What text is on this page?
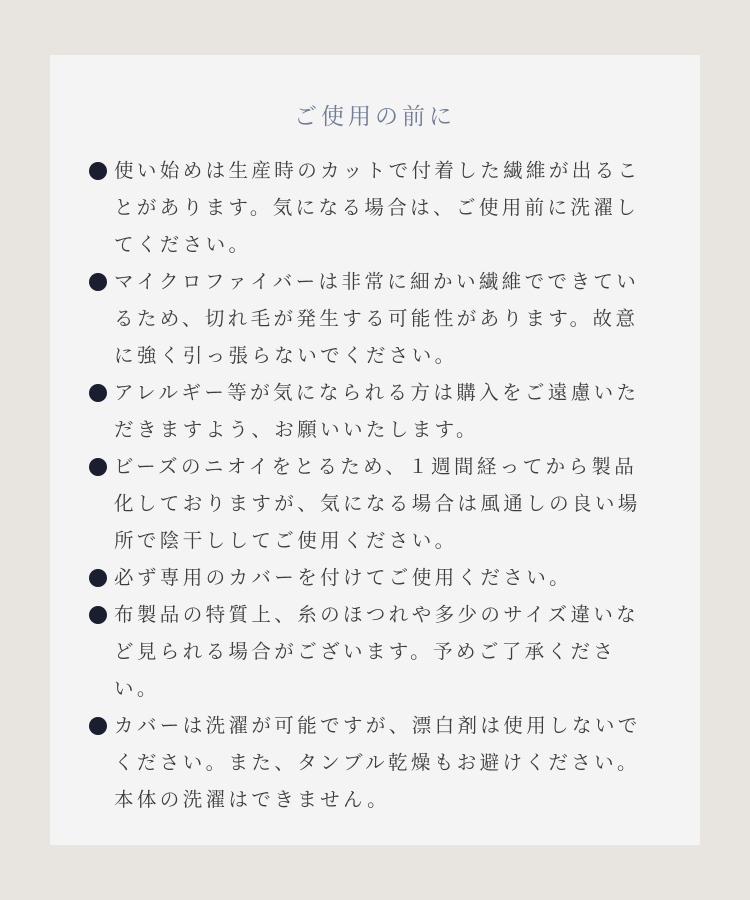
ご使用の前に
使い始めは生産時のカットで付着した繊維が出ることがあります。気になる場合は、ご使用前に洗濯してください。
マイクロファイバーは非常に細かい繊維でできているため、切れ毛が発生する可能性があります。故意に強く引っ張らないでください。
アレルギー等が気になられる方は購入をご遠慮いただきますよう、お願いいたします。
ビーズのニオイをとるため、１週間経ってから製品化しておりますが、気になる場合は風通しの良い場所で陰干ししてご使用ください。
必ず専用のカバーを付けてご使用ください。
布製品の特質上、糸のほつれや多少のサイズ違いなど見られる場合がございます。予めご了承ください。
カバーは洗濯が可能ですが、漂白剤は使用しないでください。また、タンブル乾燥もお避けください。本体の洗濯はできません。
